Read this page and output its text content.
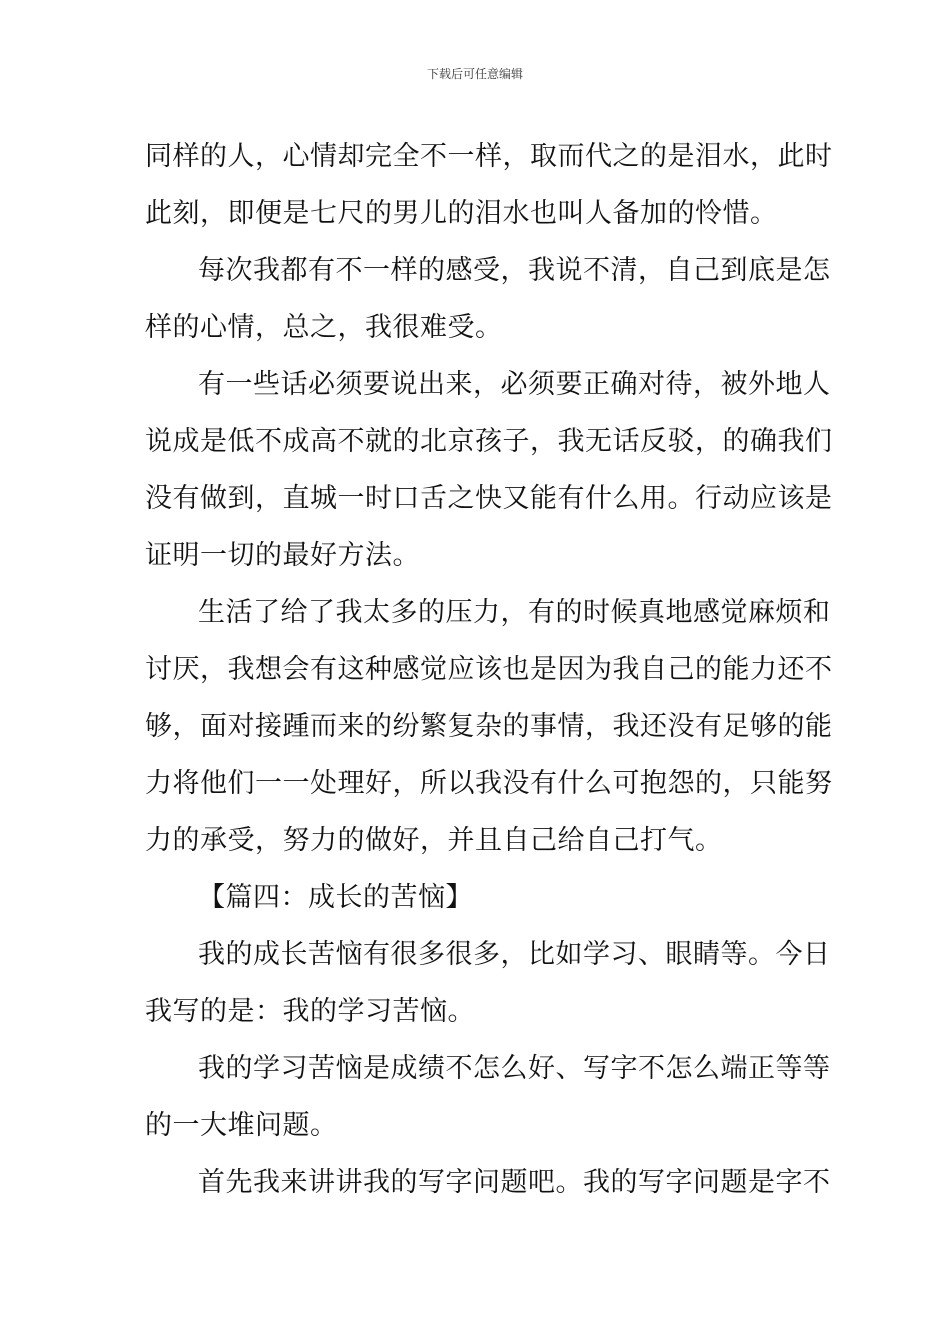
下载后可任意编辑
同样的人，心情却完全不一样，取而代之的是泪水，此时
此刻，即便是七尺的男儿的泪水也叫人备加的怜惜。
每次我都有不一样的感受，我说不清，自己到底是怎
样的心情，总之，我很难受。
有一些话必须要说出来，必须要正确对待，被外地人
说成是低不成高不就的北京孩子，我无话反驳，的确我们
没有做到，直城一时口舌之快又能有什么用。行动应该是
证明一切的最好方法。
生活了给了我太多的压力，有的时候真地感觉麻烦和
讨厌，我想会有这种感觉应该也是因为我自己的能力还不
够，面对接踵而来的纷繁复杂的事情，我还没有足够的能
力将他们一一处理好，所以我没有什么可抱怨的，只能努
力的承受，努力的做好，并且自己给自己打气。
【篇四：成长的苦恼】
我的成长苦恼有很多很多，比如学习、眼睛等。今日
我写的是：我的学习苦恼。
我的学习苦恼是成绩不怎么好、写字不怎么端正等等
的一大堆问题。
首先我来讲讲我的写字问题吧。我的写字问题是字不
